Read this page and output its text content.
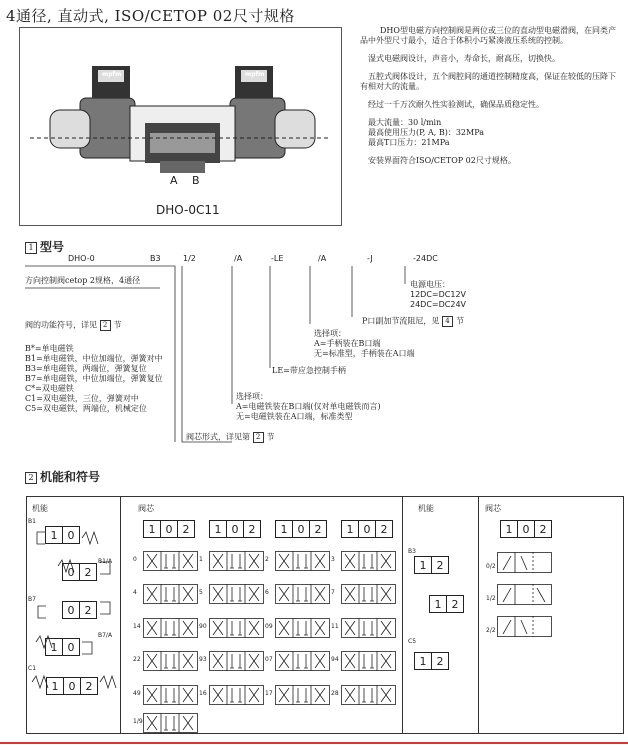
4通径, 直动式, ISO/CETOP 02尺寸规格
mpfm	mpfm
A B
DHO-0C11
DHO型电磁方向控制阀是两位或三位的直动型电磁滑阀，在同类产品中外型尺寸最小，适合于体积小巧紧凑液压系统的控制。
湿式电磁阀设计，声音小，寿命长，耐高压，切换快。
五腔式阀体设计，五个阀腔间的通道控制精度高，保证在较低的压降下有相对大的流量。
经过一千万次耐久性实验测试，确保品质稳定性。
最大流量：30 l/min
最高使用压力(P, A, B)：32MPa
最高T口压力：21MPa
安装界面符合ISO/CETOP 02尺寸规格。
1 型号
DHO-0	B3	1/2	/A	-LE	/A	-J	-24DC
方向控制阀cetop 2规格，4通径
阀的功能符号，详见 2 节
B*=单电磁铁
B1=单电磁铁，中位加端位，弹簧对中
B3=单电磁铁，两端位，弹簧复位
B7=单电磁铁，中位加端位，弹簧复位
C*=双电磁铁
C1=双电磁铁，三位，弹簧对中
C5=双电磁铁，两端位，机械定位
电源电压：
12DC=DC12V
24DC=DC24V
P口副加节流阻尼，见 4 节
选择项：
A=手柄装在B口端
无=标准型，手柄装在A口端
LE=带应急控制手柄
选择项：
A=电磁铁装在B口端(仅对单电磁铁而言)
无=电磁铁装在A口端，标准类型
阀芯形式，详见第 2 节
2 机能和符号
机能	阀芯	机能	阀芯
B1
1 0
B1/A
0 2
B7
0 2
B7/A
1 0
C1
1 0 2
1 0 2	1 0 2	1 0 2	1 0 2	1 0 2
0	1	2	3
4	5	6	7
14	90	09	11
22	93	07	94
49	16	17	28
1/9
B3
1 2
1 2
C5
1 2
0/2
1/2
2/2
